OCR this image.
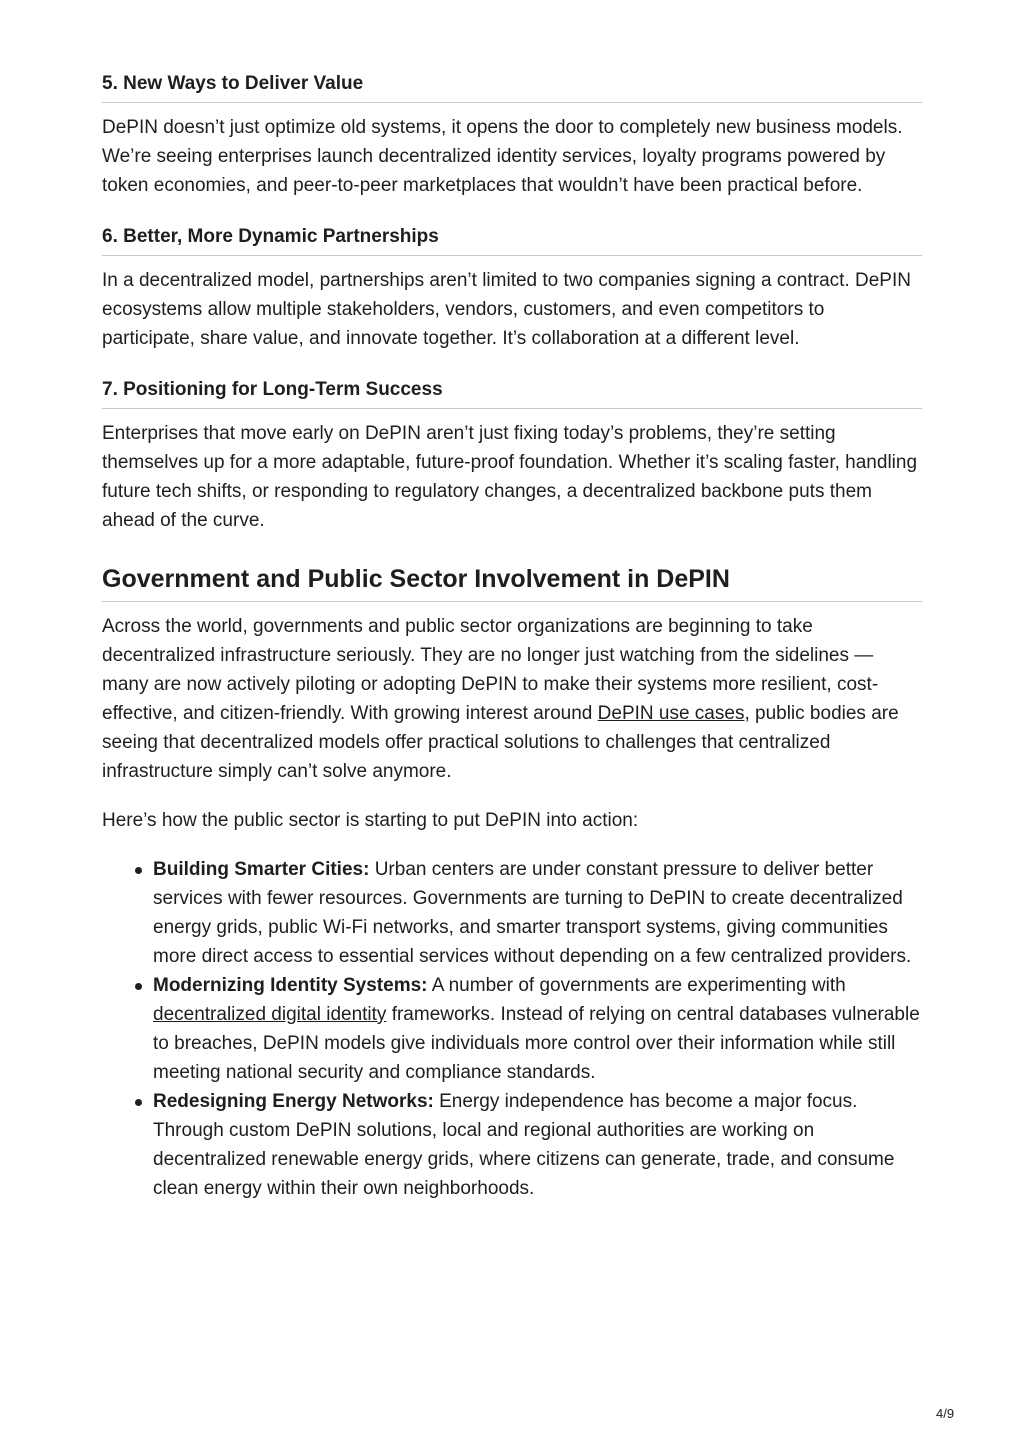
5. New Ways to Deliver Value

DePIN doesn’t just optimize old systems, it opens the door to completely new business models. We’re seeing enterprises launch decentralized identity services, loyalty programs powered by token economies, and peer-to-peer marketplaces that wouldn’t have been practical before.

6. Better, More Dynamic Partnerships

In a decentralized model, partnerships aren’t limited to two companies signing a contract. DePIN ecosystems allow multiple stakeholders, vendors, customers, and even competitors to participate, share value, and innovate together. It’s collaboration at a different level.

7. Positioning for Long-Term Success

Enterprises that move early on DePIN aren’t just fixing today’s problems, they’re setting themselves up for a more adaptable, future-proof foundation. Whether it’s scaling faster, handling future tech shifts, or responding to regulatory changes, a decentralized backbone puts them ahead of the curve.

Government and Public Sector Involvement in DePIN

Across the world, governments and public sector organizations are beginning to take decentralized infrastructure seriously. They are no longer just watching from the sidelines — many are now actively piloting or adopting DePIN to make their systems more resilient, cost-effective, and citizen-friendly. With growing interest around DePIN use cases, public bodies are seeing that decentralized models offer practical solutions to challenges that centralized infrastructure simply can’t solve anymore.

Here’s how the public sector is starting to put DePIN into action:

Building Smarter Cities: Urban centers are under constant pressure to deliver better services with fewer resources. Governments are turning to DePIN to create decentralized energy grids, public Wi-Fi networks, and smarter transport systems, giving communities more direct access to essential services without depending on a few centralized providers.
Modernizing Identity Systems: A number of governments are experimenting with decentralized digital identity frameworks. Instead of relying on central databases vulnerable to breaches, DePIN models give individuals more control over their information while still meeting national security and compliance standards.
Redesigning Energy Networks: Energy independence has become a major focus. Through custom DePIN solutions, local and regional authorities are working on decentralized renewable energy grids, where citizens can generate, trade, and consume clean energy within their own neighborhoods.
4/9
